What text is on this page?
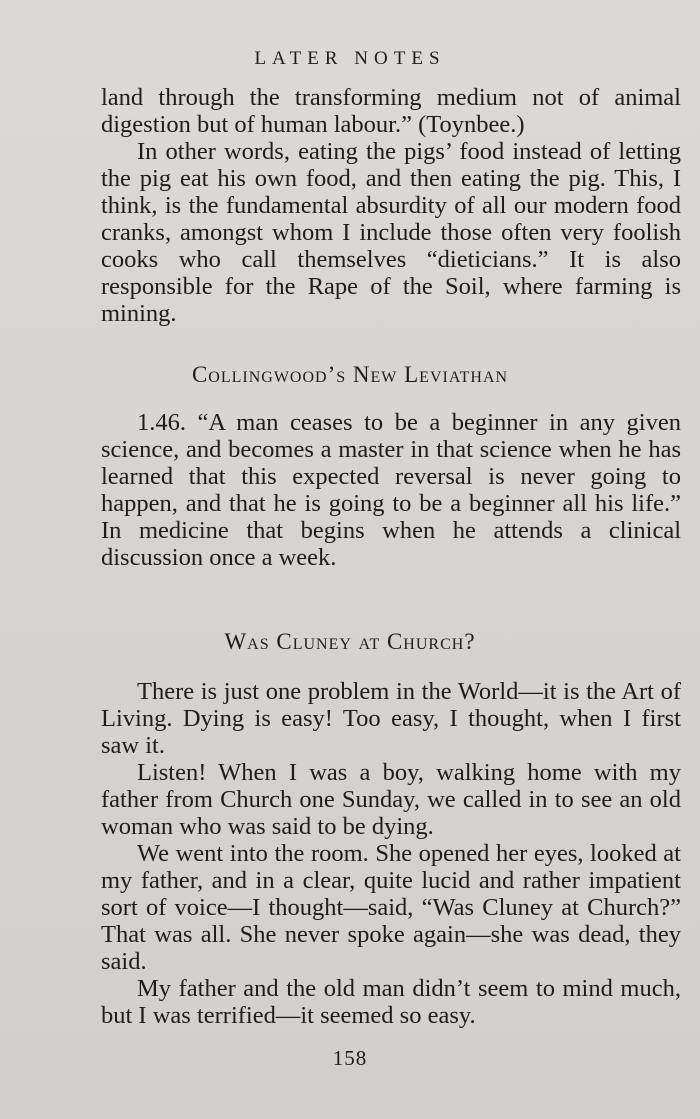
LATER NOTES

land through the transforming medium not of animal digestion but of human labour.” (Toynbee.)

In other words, eating the pigs’ food instead of letting the pig eat his own food, and then eating the pig. This, I think, is the fundamental absurdity of all our modern food cranks, amongst whom I include those often very foolish cooks who call themselves “dieticians.” It is also responsible for the Rape of the Soil, where farming is mining.

Collingwood’s New Leviathan

1.46. “A man ceases to be a beginner in any given science, and becomes a master in that science when he has learned that this expected reversal is never going to happen, and that he is going to be a beginner all his life.” In medicine that begins when he attends a clinical discussion once a week.

Was Cluney at Church?

There is just one problem in the World—it is the Art of Living. Dying is easy! Too easy, I thought, when I first saw it.

Listen! When I was a boy, walking home with my father from Church one Sunday, we called in to see an old woman who was said to be dying.

We went into the room. She opened her eyes, looked at my father, and in a clear, quite lucid and rather impatient sort of voice—I thought—said, “Was Cluney at Church?” That was all. She never spoke again—she was dead, they said.

My father and the old man didn’t seem to mind much, but I was terrified—it seemed so easy.

158
